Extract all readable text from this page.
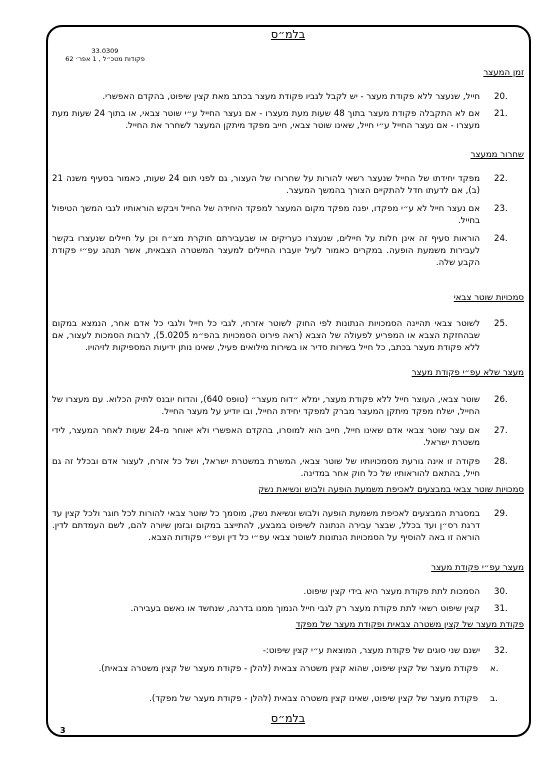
בלמ״ס
33.0309
פקודות מטכ״ל , 1 אפר׳ 62
זמן המעצר
20.
חייל, שנעצר ללא פקודת מעצר - יש לקבל לגביו פקודת מעצר בכתב מאת קצין שיפוט, בהקדם האפשרי.
21.
אם לא התקבלה פקודת מעצר בתוך 48 שעות מעת מעצרו - אם נעצר החייל ע״י שוטר צבאי, או בתוך 24 שעות מעת מעצרו - אם נעצר החייל ע״י חייל, שאינו שוטר צבאי, חייב מפקד מיתקן המעצר לשחרר את החייל.
שחרור ממעצר
22.
מפקד יחידתו של החייל שנעצר רשאי להורות על שחרורו של העצור, גם לפני תום 24 שעות, כאמור בסעיף משנה 21 (ב), אם לדעתו חדל להתקיים הצורך בהמשך המעצר.
23.
אם נעצר חייל לא ע״י מפקדו, יפנה מפקד מקום המעצר למפקד היחידה של החייל ויבקש הוראותיו לגבי המשך הטיפול בחייל.
24.
הוראות סעיף זה אינן חלות על חיילים, שנעצרו כעריקים או שבעבירתם חוקרת מצ״ח וכן על חיילים שנעצרו בקשר לעבירות משמעת הופעה. במקרים כאמור לעיל יועברו החיילים למעצר המשטרה הצבאית, אשר תנהג עפ״י פקודת הקבע שלה.
סמכויות שוטר צבאי
25.
לשוטר צבאי תהיינה הסמכויות הנתונות לפי החוק לשוטר אזרחי, לגבי כל חייל ולגבי כל אדם אחר, הנמצא במקום שבהחזקת הצבא או המפריע לפעולה של הצבא (ראה פירוט הסמכויות בהפ״מ 5.0205), לרבות הסמכות לעצור, אם ללא פקודת מעצר בכתב, כל חייל בשירות סדיר או בשירות מילואים פעיל, שאינו נותן ידיעות המספיקות לזיהויו.
מעצר שלא עפ״י פקודת מעצר
26.
שוטר צבאי, העוצר חייל ללא פקודת מעצר, ימלא ״דוח מעצר״ (טופס 640), והדוח יובנס לתיק הכלוא. עם מעצרו של החייל, ישלח מפקד מיתקן המעצר מברק למפקד יחידת החייל, ובו יודיע על מעצר החייל.
27.
אם עצר שוטר צבאי אדם שאינו חייל, חייב הוא למוסרו, בהקדם האפשרי ולא יאוחר מ-24 שעות לאחר המעצר, לידי משטרת ישראל.
28.
פקודה זו אינה גורעת מסמכויותיו של שוטר צבאי, המשרת במשטרת ישראל, ושל כל אזרח, לעצור אדם ובכלל זה גם חייל, בהתאם להוראותיו של כל חוק אחר במדינה.
סמכויות שוטר צבאי במבצעים לאכיפת משמעת הופעה ולבוש ונשיאת נשק
29.
במסגרת המבצעים לאכיפת משמעת הופעה ולבוש ונשיאת נשק, מוסמך כל שוטר צבאי להורות לכל חוגר ולכל קצין עד דרגת רס״ן ועד בכלל, שבצר עבירה הנתונה לשיפוט במבצע, להתייצב במקום ובזמן שיורה להם, לשם העמדתם לדין. הוראה זו באה להוסיף על הסמכויות הנתונות לשוטר צבאי עפ״י כל דין ועפ״י פקודות הצבא.
מעצר עפ״י פקודת מעצר
30.
הסמכות לתת פקודת מעצר היא בידי קצין שיפוט.
31.
קצין שיפוט רשאי לתת פקודת מעצר רק לגבי חייל הנמוך ממנו בדרגה, שנחשד או נאשם בעבירה.
פקודת מעצר של קצין משטרה צבאית ופקודת מעצר של מפקד
32.
ישנם שני סוגים של פקודת מעצר, המוצאת ע״י קצין שיפוט:-
א.
פקודת מעצר של קצין שיפוט, שהוא קצין משטרה צבאית (להלן - פקודת מעצר של קצין משטרה צבאית).
ב.
פקודת מעצר של קצין שיפוט, שאינו קצין משטרה צבאית (להלן - פקודת מעצר של מפקד).
בלמ״ס
3
